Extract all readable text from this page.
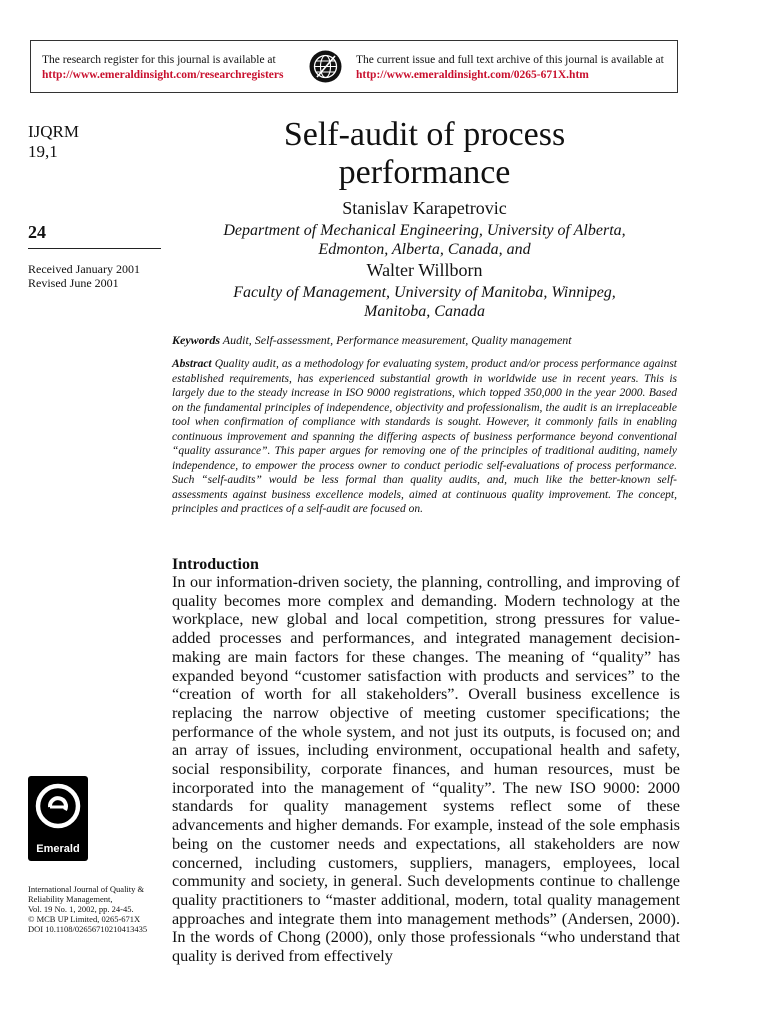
The research register for this journal is available at
http://www.emeraldinsight.com/researchregisters
The current issue and full text archive of this journal is available at
http://www.emeraldinsight.com/0265-671X.htm
IJQRM
19,1
24
Received January 2001
Revised June 2001
Emerald
International Journal of Quality &
Reliability Management,
Vol. 19 No. 1, 2002, pp. 24-45.
© MCB UP Limited, 0265-671X
DOI 10.1108/02656710210413435
Self-audit of process
performance
Stanislav Karapetrovic
Department of Mechanical Engineering, University of Alberta,
Edmonton, Alberta, Canada, and
Walter Willborn
Faculty of Management, University of Manitoba, Winnipeg,
Manitoba, Canada
Keywords Audit, Self-assessment, Performance measurement, Quality management
Abstract Quality audit, as a methodology for evaluating system, product and/or process performance against established requirements, has experienced substantial growth in worldwide use in recent years. This is largely due to the steady increase in ISO 9000 registrations, which topped 350,000 in the year 2000. Based on the fundamental principles of independence, objectivity and professionalism, the audit is an irreplaceable tool when confirmation of compliance with standards is sought. However, it commonly fails in enabling continuous improvement and spanning the differing aspects of business performance beyond conventional “quality assurance”. This paper argues for removing one of the principles of traditional auditing, namely independence, to empower the process owner to conduct periodic self-evaluations of process performance. Such “self-audits” would be less formal than quality audits, and, much like the better-known self-assessments against business excellence models, aimed at continuous quality improvement. The concept, principles and practices of a self-audit are focused on.
Introduction
In our information-driven society, the planning, controlling, and improving of quality becomes more complex and demanding. Modern technology at the workplace, new global and local competition, strong pressures for value-added processes and performances, and integrated management decision-making are main factors for these changes. The meaning of “quality” has expanded beyond “customer satisfaction with products and services” to the “creation of worth for all stakeholders”. Overall business excellence is replacing the narrow objective of meeting customer specifications; the performance of the whole system, and not just its outputs, is focused on; and an array of issues, including environment, occupational health and safety, social responsibility, corporate finances, and human resources, must be incorporated into the management of “quality”. The new ISO 9000: 2000 standards for quality management systems reflect some of these advancements and higher demands. For example, instead of the sole emphasis being on the customer needs and expectations, all stakeholders are now concerned, including customers, suppliers, managers, employees, local community and society, in general. Such developments continue to challenge quality practitioners to “master additional, modern, total quality management approaches and integrate them into management methods” (Andersen, 2000). In the words of Chong (2000), only those professionals “who understand that quality is derived from effectively
